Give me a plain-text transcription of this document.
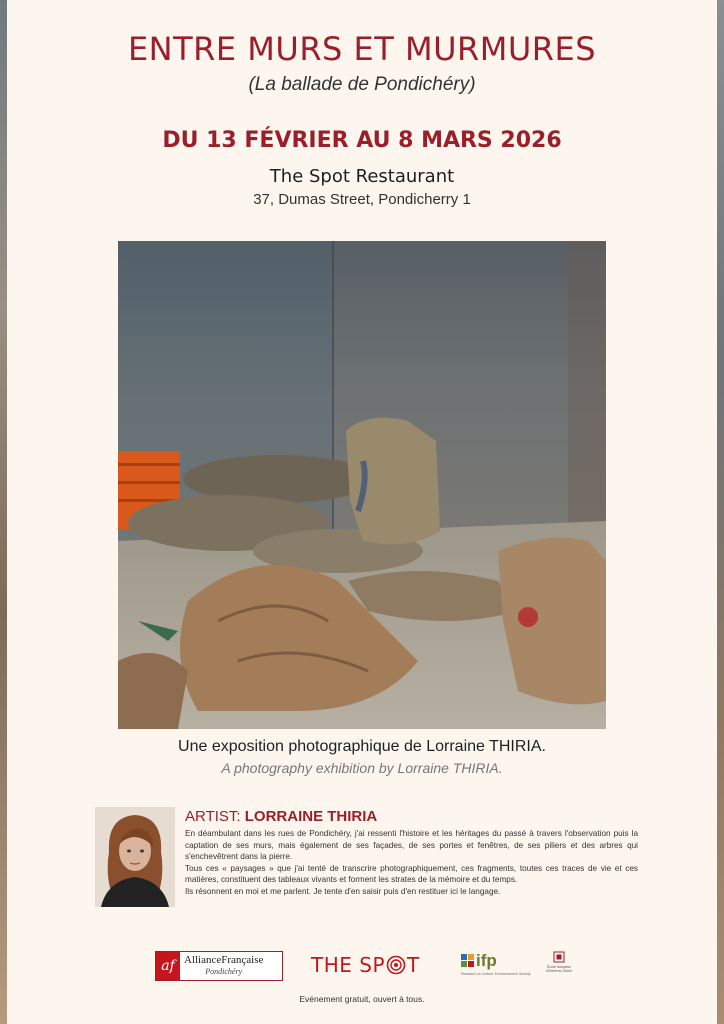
ENTRE MURS ET MURMURES
(La ballade de Pondichéry)
DU 13 FÉVRIER AU 8 MARS 2026
The Spot Restaurant
37, Dumas Street, Pondicherry 1
Une exposition photographique de Lorraine THIRIA.
A photography exhibition by Lorraine THIRIA.
ARTIST: LORRAINE THIRIA

En déambulant dans les rues de Pondichéry, j'ai ressenti l'histoire et les héritages du passé à travers l'observation puis la captation de ses murs, mais également de ses façades, de ses portes et fenêtres, de ses piliers et des arbres qui s'enchevêtrent dans la pierre.

Tous ces « paysages » que j'ai tenté de transcrire photographiquement, ces fragments, toutes ces traces de vie et ces matières, constituent des tableaux vivants et forment les strates de la mémoire et du temps.

Ils résonnent en moi et me parlent. Je tente d'en saisir puis d'en restituer ici le langage.

af AllianceFrançaise
Pondichéry	THE SP T	ifp
Research on Culture, Environment & Society
École française d'Extrême-Orient
Evénement gratuit, ouvert à tous.
